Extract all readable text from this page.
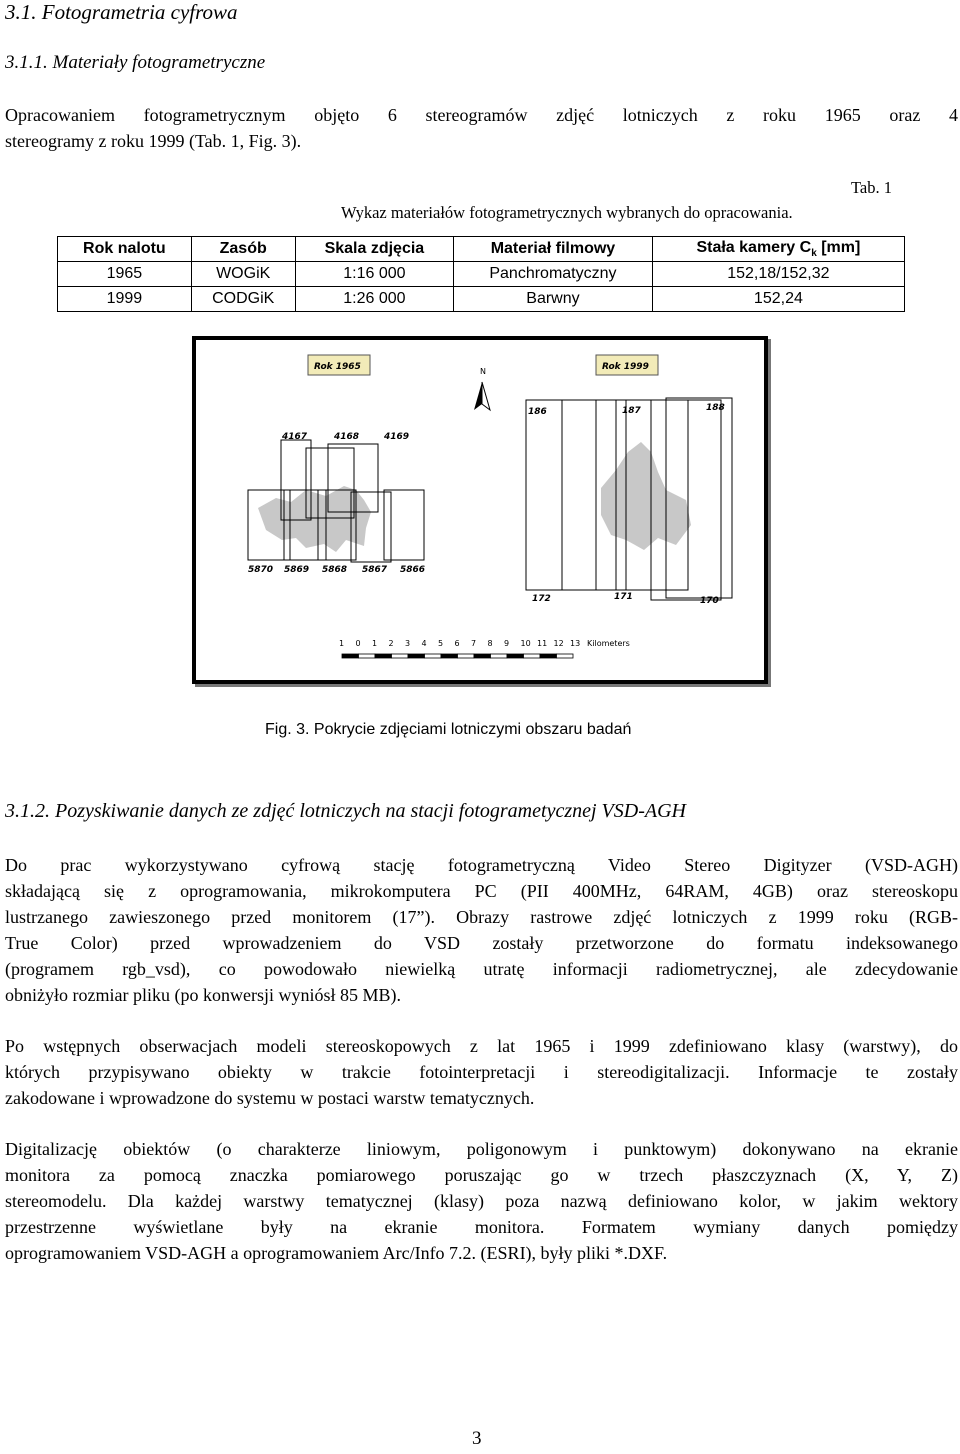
3.1. Fotogrametria cyfrowa
3.1.1. Materiały fotogrametryczne
Opracowaniem fotogrametrycznym objęto 6 stereogramów zdjęć lotniczych z roku 1965 oraz 4
stereogramy z roku 1999 (Tab. 1, Fig. 3).
Tab. 1
Wykaz materiałów fotogrametrycznych wybranych do opracowania.
Rok nalotu	Zasób	Skala zdjęcia	Materiał filmowy	Stała kamery $C_k$ [mm]
1965	WOGiK	1:16 000	Panchromatyczny	152,18/152,32
1999	CODGiK	1:26 000	Barwny	152,24
Rok 1965	Rok 1999
N
4167	4168	4169
5870 5869 5868 5867 5866
186	187	188
172	171	170
1 0 1 2 3 4 5 6 7 8 9 10 11 12 13 Kilometers
Fig. 3. Pokrycie zdjęciami lotniczymi obszaru badań
3.1.2. Pozyskiwanie danych ze zdjęć lotniczych na stacji fotogrametycznej VSD-AGH
Do prac wykorzystywano cyfrową stację fotogrametryczną Video Stereo Digityzer (VSD-AGH)
składającą się z oprogramowania, mikrokomputera PC (PII 400MHz, 64RAM, 4GB) oraz stereoskopu
lustrzanego zawieszonego przed monitorem (17”). Obrazy rastrowe zdjęć lotniczych z 1999 roku (RGB-
True Color) przed wprowadzeniem do VSD zostały przetworzone do formatu indeksowanego
(programem rgb_vsd), co powodowało niewielką utratę informacji radiometrycznej, ale zdecydowanie
obniżyło rozmiar pliku (po konwersji wyniósł 85 MB).
Po wstępnych obserwacjach modeli stereoskopowych z lat 1965 i 1999 zdefiniowano klasy (warstwy), do
których przypisywano obiekty w trakcie fotointerpretacji i stereodigitalizacji. Informacje te zostały
zakodowane i wprowadzone do systemu w postaci warstw tematycznych.
Digitalizację obiektów (o charakterze liniowym, poligonowym i punktowym) dokonywano na ekranie
monitora za pomocą znaczka pomiarowego poruszając go w trzech płaszczyznach (X, Y, Z)
stereomodelu. Dla każdej warstwy tematycznej (klasy) poza nazwą definiowano kolor, w jakim wektory
przestrzenne wyświetlane były na ekranie monitora. Formatem wymiany danych pomiędzy
oprogramowaniem VSD-AGH a oprogramowaniem Arc/Info 7.2. (ESRI), były pliki *.DXF.
3
